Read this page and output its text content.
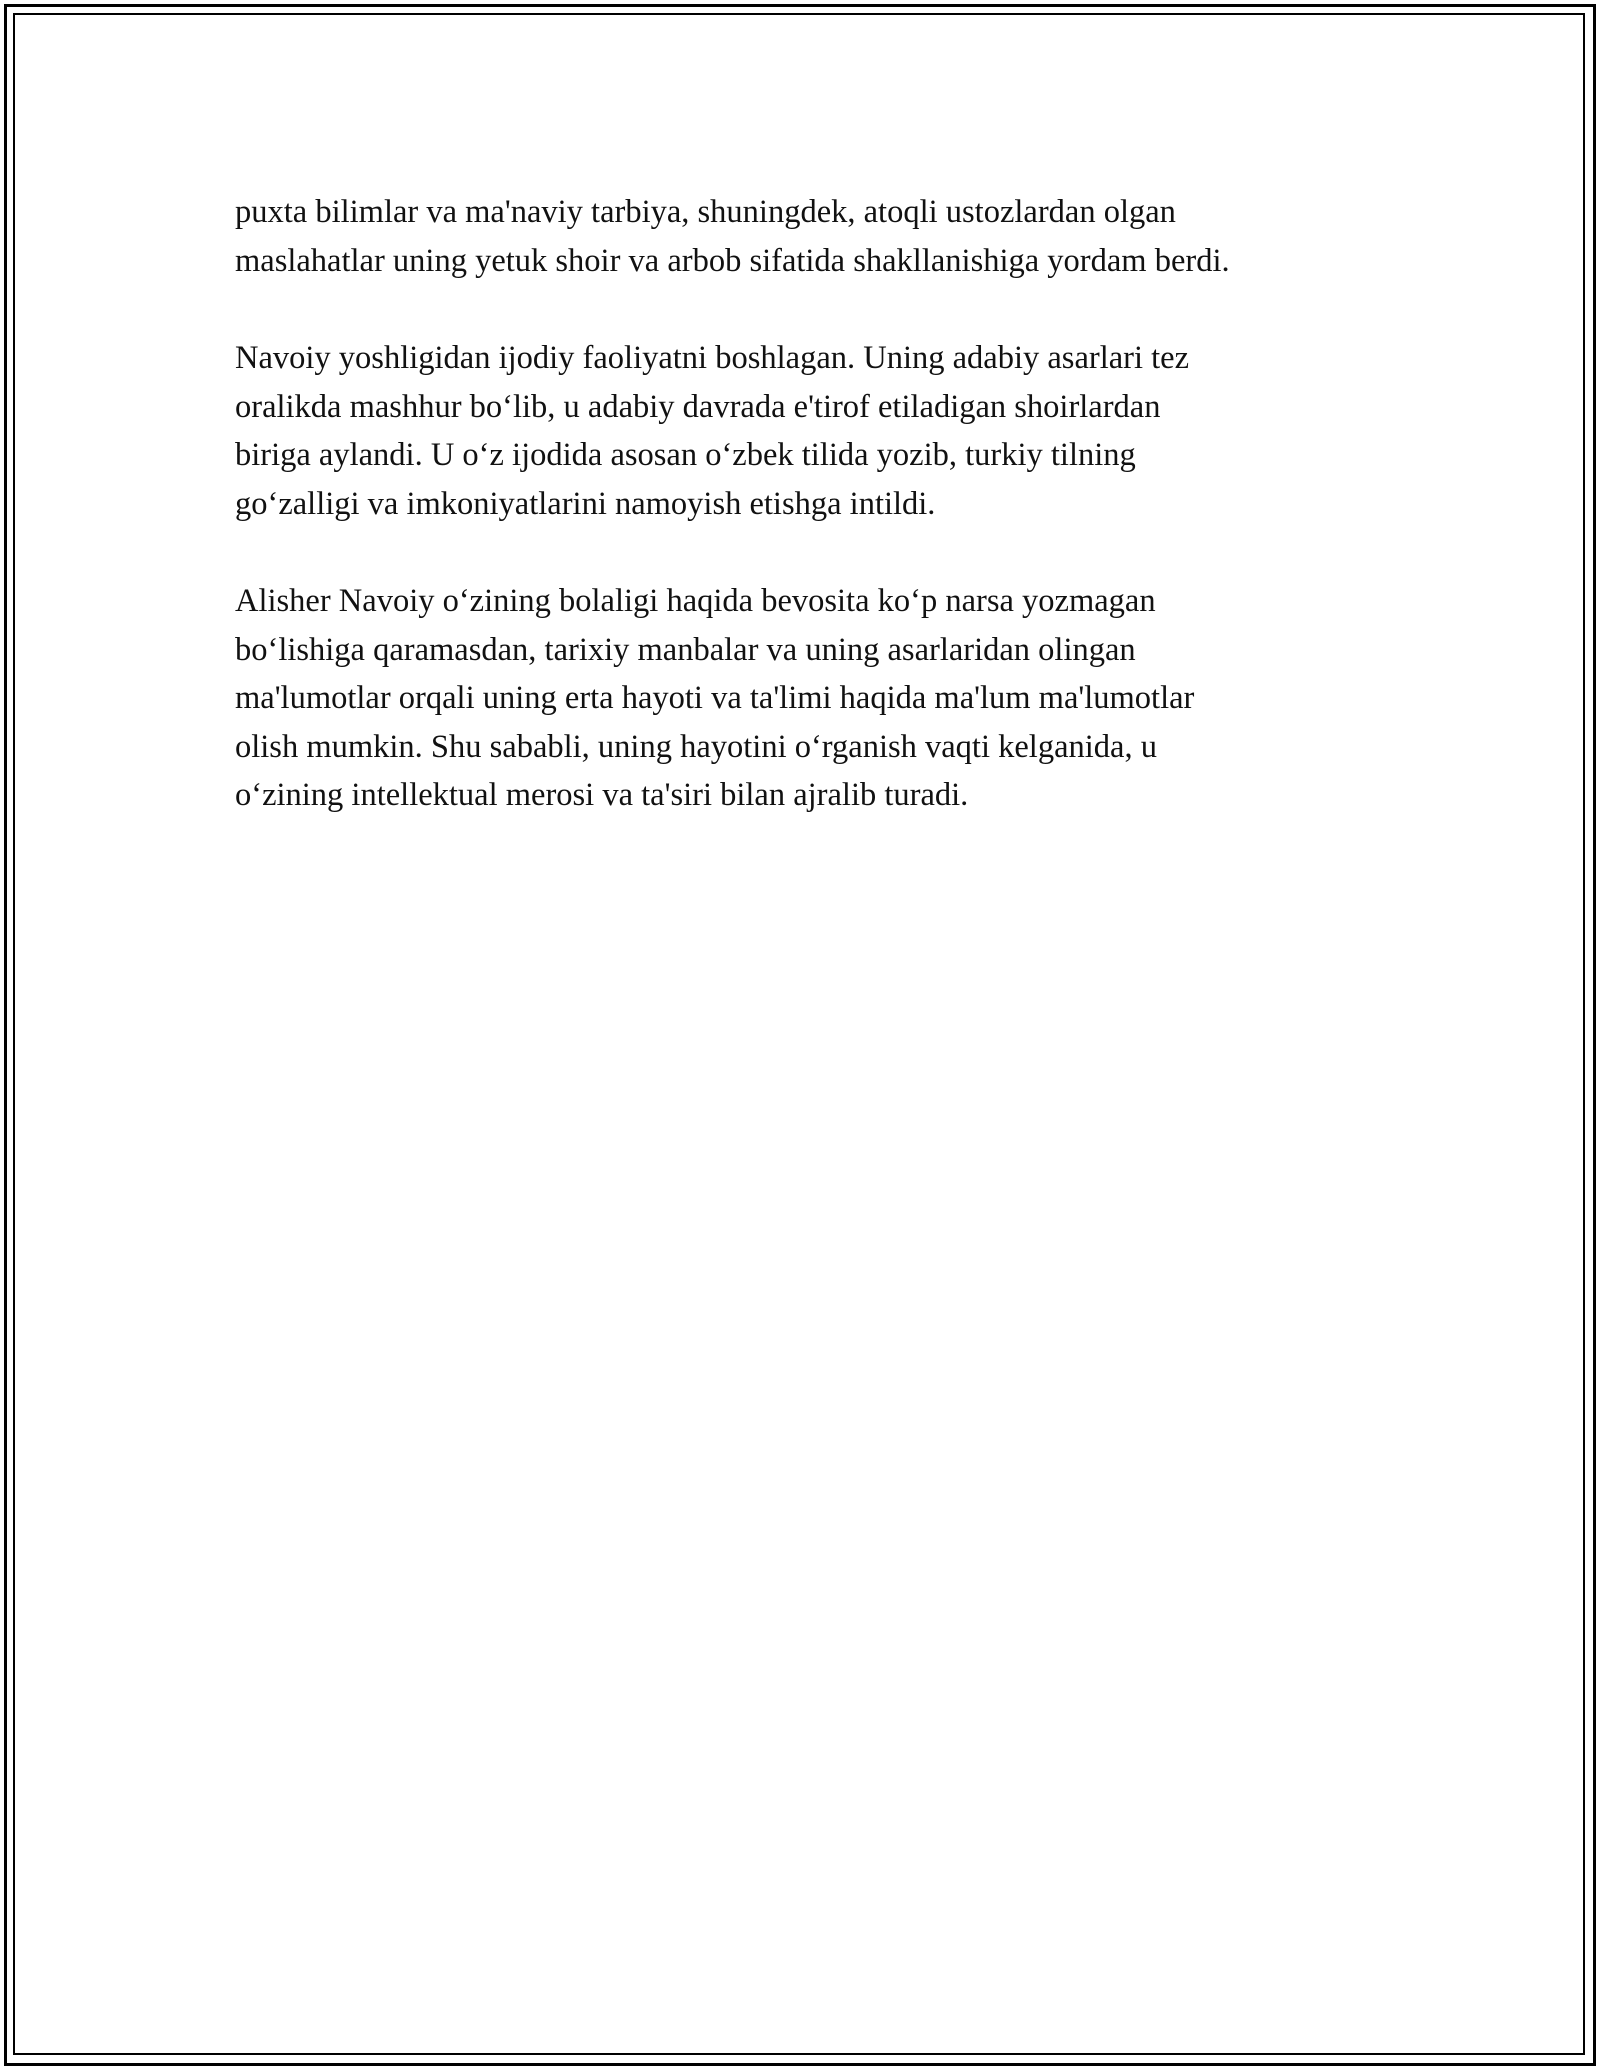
puxta bilimlar va ma'naviy tarbiya, shuningdek, atoqli ustozlardan olgan
maslahatlar uning yetuk shoir va arbob sifatida shakllanishiga yordam berdi.

Navoiy yoshligidan ijodiy faoliyatni boshlagan. Uning adabiy asarlari tez
oralikda mashhur bo‘lib, u adabiy davrada e'tirof etiladigan shoirlardan
biriga aylandi. U o‘z ijodida asosan o‘zbek tilida yozib, turkiy tilning
go‘zalligi va imkoniyatlarini namoyish etishga intildi.

Alisher Navoiy o‘zining bolaligi haqida bevosita ko‘p narsa yozmagan
bo‘lishiga qaramasdan, tarixiy manbalar va uning asarlaridan olingan
ma'lumotlar orqali uning erta hayoti va ta'limi haqida ma'lum ma'lumotlar
olish mumkin. Shu sababli, uning hayotini o‘rganish vaqti kelganida, u
o‘zining intellektual merosi va ta'siri bilan ajralib turadi.
